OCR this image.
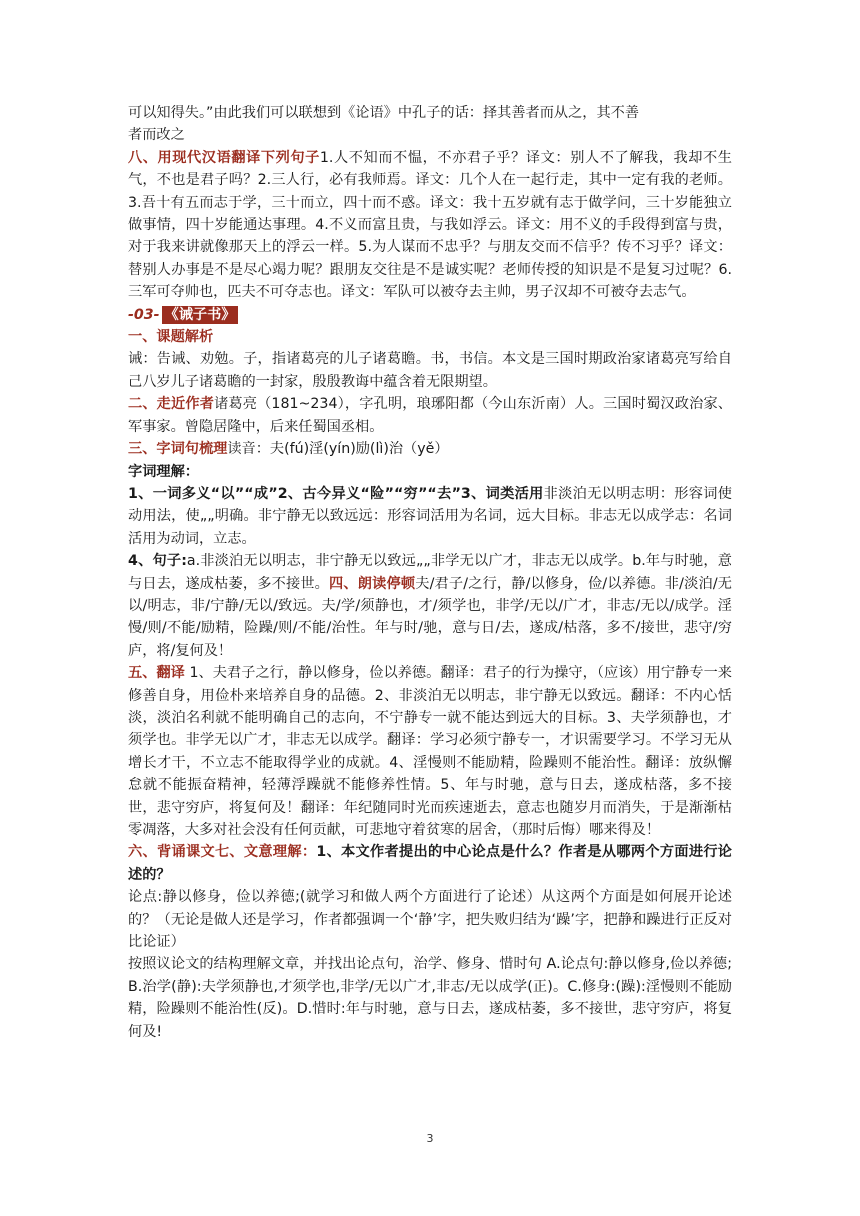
可以知得失。”由此我们可以联想到《论语》中孔子的话：择其善者而从之，其不善
者而改之

八、用现代汉语翻译下列句子1.人不知而不愠，不亦君子乎？译文：别人不了解我，我却不生气，不也是君子吗？2.三人行，必有我师焉。译文：几个人在一起行走，其中一定有我的老师。3.吾十有五而志于学，三十而立，四十而不惑。译文：我十五岁就有志于做学问，三十岁能独立做事情，四十岁能通达事理。4.不义而富且贵，与我如浮云。译文：用不义的手段得到富与贵，对于我来讲就像那天上的浮云一样。5.为人谋而不忠乎？与朋友交而不信乎？传不习乎？译文：替别人办事是不是尽心竭力呢？跟朋友交往是不是诚实呢？老师传授的知识是不是复习过呢？6.三军可夺帅也，匹夫不可夺志也。译文：军队可以被夺去主帅，男子汉却不可被夺去志气。

-03- 《诫子书》

一、课题解析
诫：告诫、劝勉。子，指诸葛亮的儿子诸葛瞻。书，书信。本文是三国时期政治家诸葛亮写给自己八岁儿子诸葛瞻的一封家，殷殷教诲中蕴含着无限期望。

二、走近作者诸葛亮（181~234），字孔明，琅琊阳都（今山东沂南）人。三国时蜀汉政治家、军事家。曾隐居隆中，后来任蜀国丞相。

三、字词句梳理读音：夫(fú)淫(yín)励(lì)治（yě）
字词理解：
1、一词多义“以”“成”2、古今异义“险”“穷”“去”3、词类活用非淡泊无以明志明：形容词使动用法，使„„明确。非宁静无以致远远：形容词活用为名词，远大目标。非志无以成学志：名词活用为动词，立志。
4、句子:a.非淡泊无以明志，非宁静无以致远„„非学无以广才，非志无以成学。b.年与时驰，意与日去，遂成枯萎，多不接世。四、朗读停顿夫/君子/之行，静/以修身，俭/以养德。非/淡泊/无以/明志，非/宁静/无以/致远。夫/学/须静也，才/须学也，非学/无以/广才，非志/无以/成学。淫慢/则/不能/励精，险躁/则/不能/治性。年与时/驰，意与日/去，遂成/枯落，多不/接世，悲守/穷庐，将/复何及！

五、翻译 1、夫君子之行，静以修身，俭以养德。翻译：君子的行为操守，（应该）用宁静专一来修善自身，用俭朴来培养自身的品德。2、非淡泊无以明志，非宁静无以致远。翻译：不内心恬淡，淡泊名利就不能明确自己的志向，不宁静专一就不能达到远大的目标。3、夫学须静也，才须学也。非学无以广才，非志无以成学。翻译：学习必须宁静专一，才识需要学习。不学习无从增长才干，不立志不能取得学业的成就。4、淫慢则不能励精，险躁则不能治性。翻译：放纵懈怠就不能振奋精神，轻薄浮躁就不能修养性情。5、年与时驰，意与日去，遂成枯落，多不接世，悲守穷庐，将复何及！翻译：年纪随同时光而疾速逝去，意志也随岁月而消失，于是渐渐枯零凋落，大多对社会没有任何贡献，可悲地守着贫寒的居舍，（那时后悔）哪来得及！

六、背诵课文七、文意理解：1、本文作者提出的中心论点是什么？作者是从哪两个方面进行论述的？

论点:静以修身，俭以养德;(就学习和做人两个方面进行了论述）从这两个方面是如何展开论述的？（无论是做人还是学习，作者都强调一个‘静’字，把失败归结为‘躁’字，把静和躁进行正反对比论证）

按照议论文的结构理解文章，并找出论点句，治学、修身、惜时句 A.论点句:静以修身,俭以养德;B.治学(静):夫学须静也,才须学也,非学/无以广才,非志/无以成学(正)。C.修身:(躁):淫慢则不能励精，险躁则不能治性(反)。D.惜时:年与时驰，意与日去，遂成枯萎，多不接世，悲守穷庐，将复何及!

3
